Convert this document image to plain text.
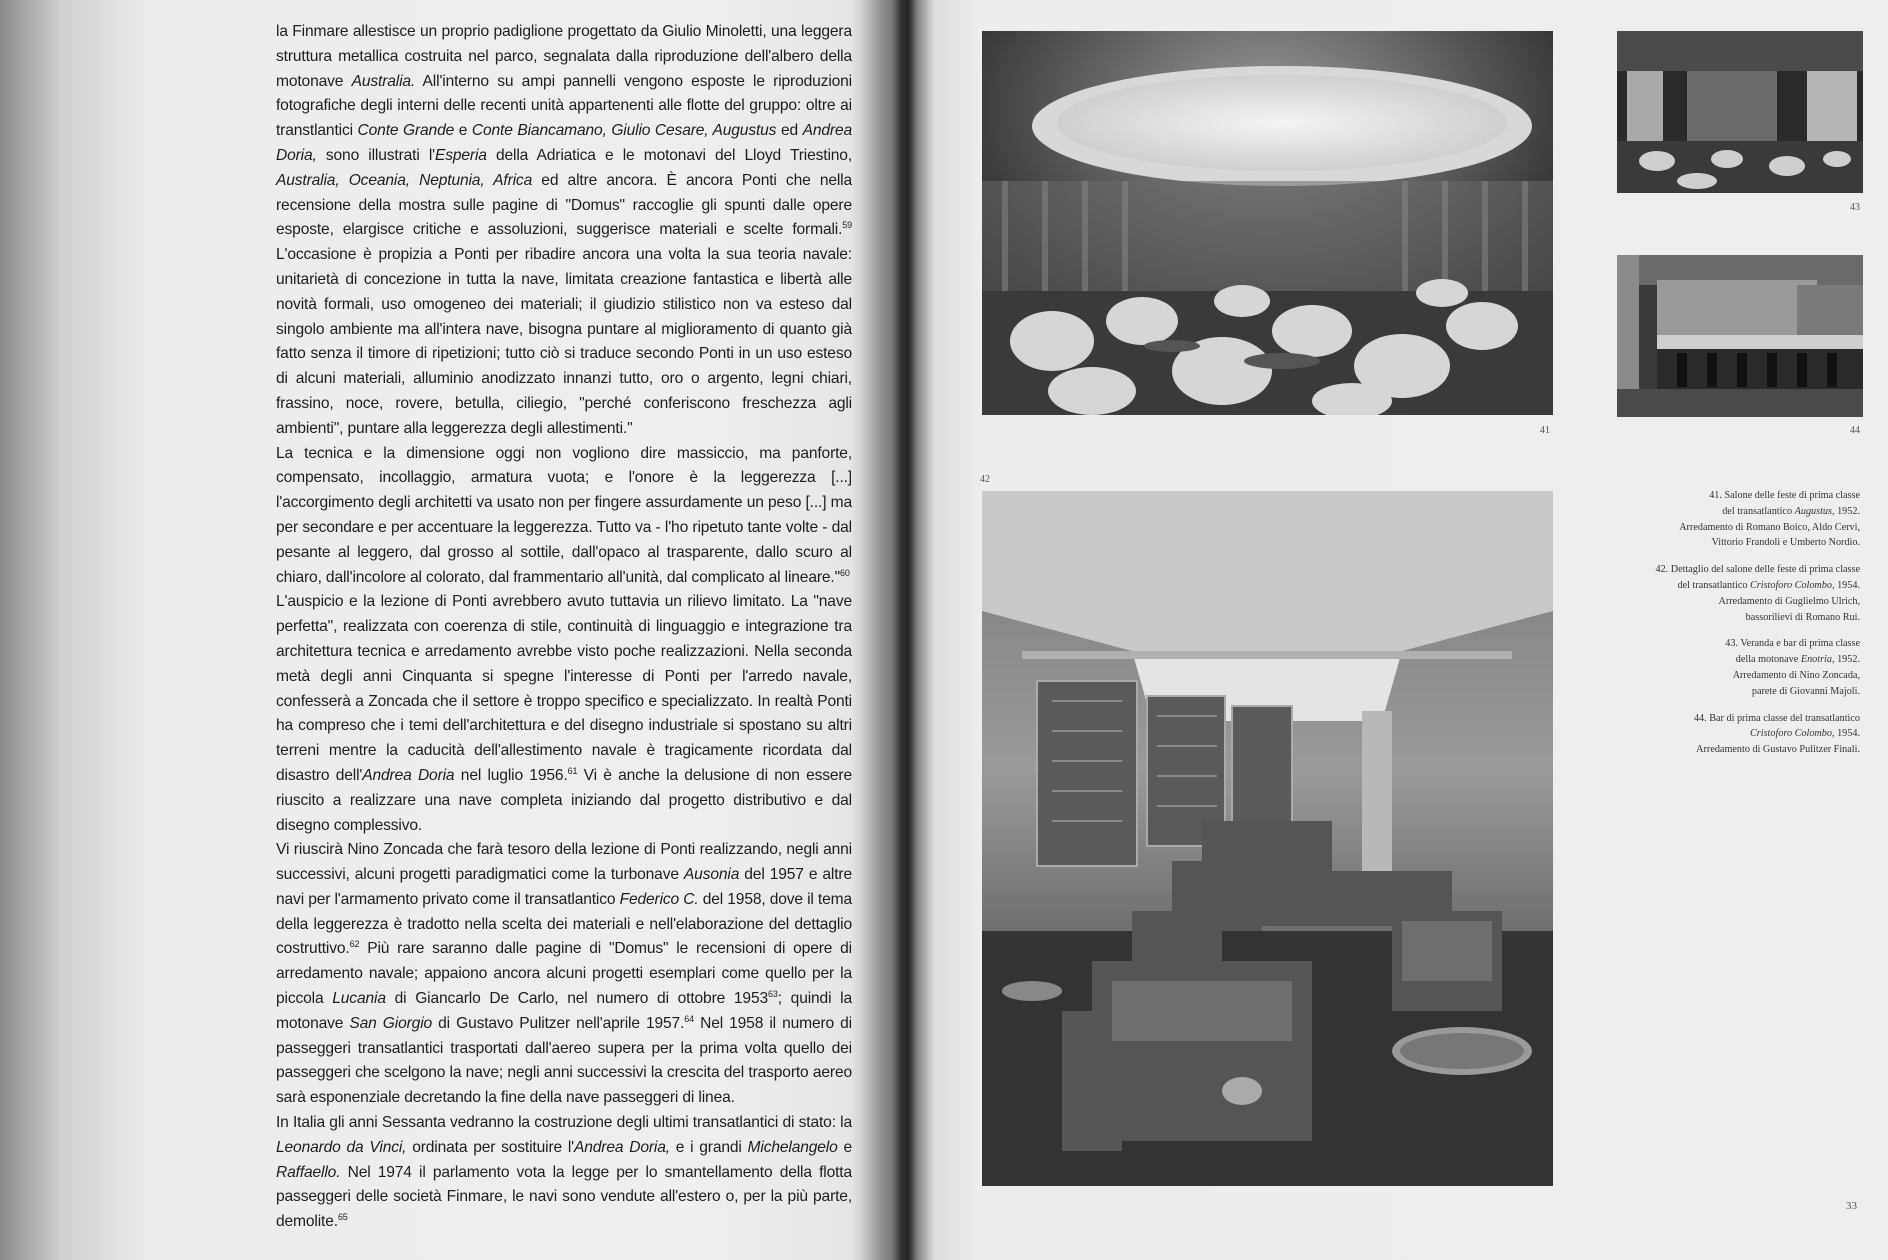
la Finmare allestisce un proprio padiglione progettato da Giulio Minoletti, una leggera struttura metallica costruita nel parco, segnalata dalla riproduzione dell'albero della motonave Australia. All'interno su ampi pannelli vengono esposte le riproduzioni fotografiche degli interni delle recenti unità appartenenti alle flotte del gruppo: oltre ai transtlantici Conte Grande e Conte Biancamano, Giulio Cesare, Augustus ed Andrea Doria, sono illustrati l'Esperia della Adriatica e le motonavi del Lloyd Triestino, Australia, Oceania, Neptunia, Africa ed altre ancora. È ancora Ponti che nella recensione della mostra sulle pagine di "Domus" raccoglie gli spunti dalle opere esposte, elargisce critiche e assoluzioni, suggerisce materiali e scelte formali.$^{59}$ L'occasione è propizia a Ponti per ribadire ancora una volta la sua teoria navale: unitarietà di concezione in tutta la nave, limitata creazione fantastica e libertà alle novità formali, uso omogeneo dei materiali; il giudizio stilistico non va esteso dal singolo ambiente ma all'intera nave, bisogna puntare al miglioramento di quanto già fatto senza il timore di ripetizioni; tutto ciò si traduce secondo Ponti in un uso esteso di alcuni materiali, alluminio anodizzato innanzi tutto, oro o argento, legni chiari, frassino, noce, rovere, betulla, ciliegio, "perché conferiscono freschezza agli ambienti", puntare alla leggerezza degli allestimenti."

La tecnica e la dimensione oggi non vogliono dire massiccio, ma panforte, compensato, incollaggio, armatura vuota; e l'onore è la leggerezza [...] l'accorgimento degli architetti va usato non per fingere assurdamente un peso [...] ma per secondare e per accentuare la leggerezza. Tutto va - l'ho ripetuto tante volte - dal pesante al leggero, dal grosso al sottile, dall'opaco al trasparente, dallo scuro al chiaro, dall'incolore al colorato, dal frammentario all'unità, dal complicato al lineare."$^{60}$

L'auspicio e la lezione di Ponti avrebbero avuto tuttavia un rilievo limitato. La "nave perfetta", realizzata con coerenza di stile, continuità di linguaggio e integrazione tra architettura tecnica e arredamento avrebbe visto poche realizzazioni. Nella seconda metà degli anni Cinquanta si spegne l'interesse di Ponti per l'arredo navale, confesserà a Zoncada che il settore è troppo specifico e specializzato. In realtà Ponti ha compreso che i temi dell'architettura e del disegno industriale si spostano su altri terreni mentre la caducità dell'allestimento navale è tragicamente ricordata dal disastro dell'Andrea Doria nel luglio 1956.61 Vi è anche la delusione di non essere riuscito a realizzare una nave completa iniziando dal progetto distributivo e dal disegno complessivo.

Vi riuscirà Nino Zoncada che farà tesoro della lezione di Ponti realizzando, negli anni successivi, alcuni progetti paradigmatici come la turbonave Ausonia del 1957 e altre navi per l'armamento privato come il transatlantico Federico C. del 1958, dove il tema della leggerezza è tradotto nella scelta dei materiali e nell'elaborazione del dettaglio costruttivo.$^{62}$ Più rare saranno dalle pagine di "Domus" le recensioni di opere di arredamento navale; appaiono ancora alcuni progetti esemplari come quello per la piccola Lucania di Giancarlo De Carlo, nel numero di ottobre 1953$^{63}$; quindi la motonave San Giorgio di Gustavo Pulitzer nell'aprile 1957.64 Nel 1958 il numero di passeggeri transatlantici trasportati dall'aereo supera per la prima volta quello dei passeggeri che scelgono la nave; negli anni successivi la crescita del trasporto aereo sarà esponenziale decretando la fine della nave passeggeri di linea.

In Italia gli anni Sessanta vedranno la costruzione degli ultimi transatlantici di stato: la Leonardo da Vinci, ordinata per sostituire l'Andrea Doria, e i grandi Michelangelo e Raffaello. Nel 1974 il parlamento vota la legge per lo smantellamento della flotta passeggeri delle società Finmare, le navi sono vendute all'estero o, per la più parte, demolite.$^{65}$

41
43
44
42

41. Salone delle feste di prima classe
del transatlantico Augustus, 1952.
Arredamento di Romano Boico, Aldo Cervi,
Vittorio Frandoli e Umberto Nordio.

42. Dettaglio del salone delle feste di prima classe
del transatlantico Cristoforo Colombo, 1954.
Arredamento di Guglielmo Ulrich,
bassorilievi di Romano Rui.

43. Veranda e bar di prima classe
della motonave Enotria, 1952.
Arredamento di Nino Zoncada,
parete di Giovanni Majoli.

44. Bar di prima classe del transatlantico
Cristoforo Colombo, 1954.
Arredamento di Gustavo Pulitzer Finali.

33
